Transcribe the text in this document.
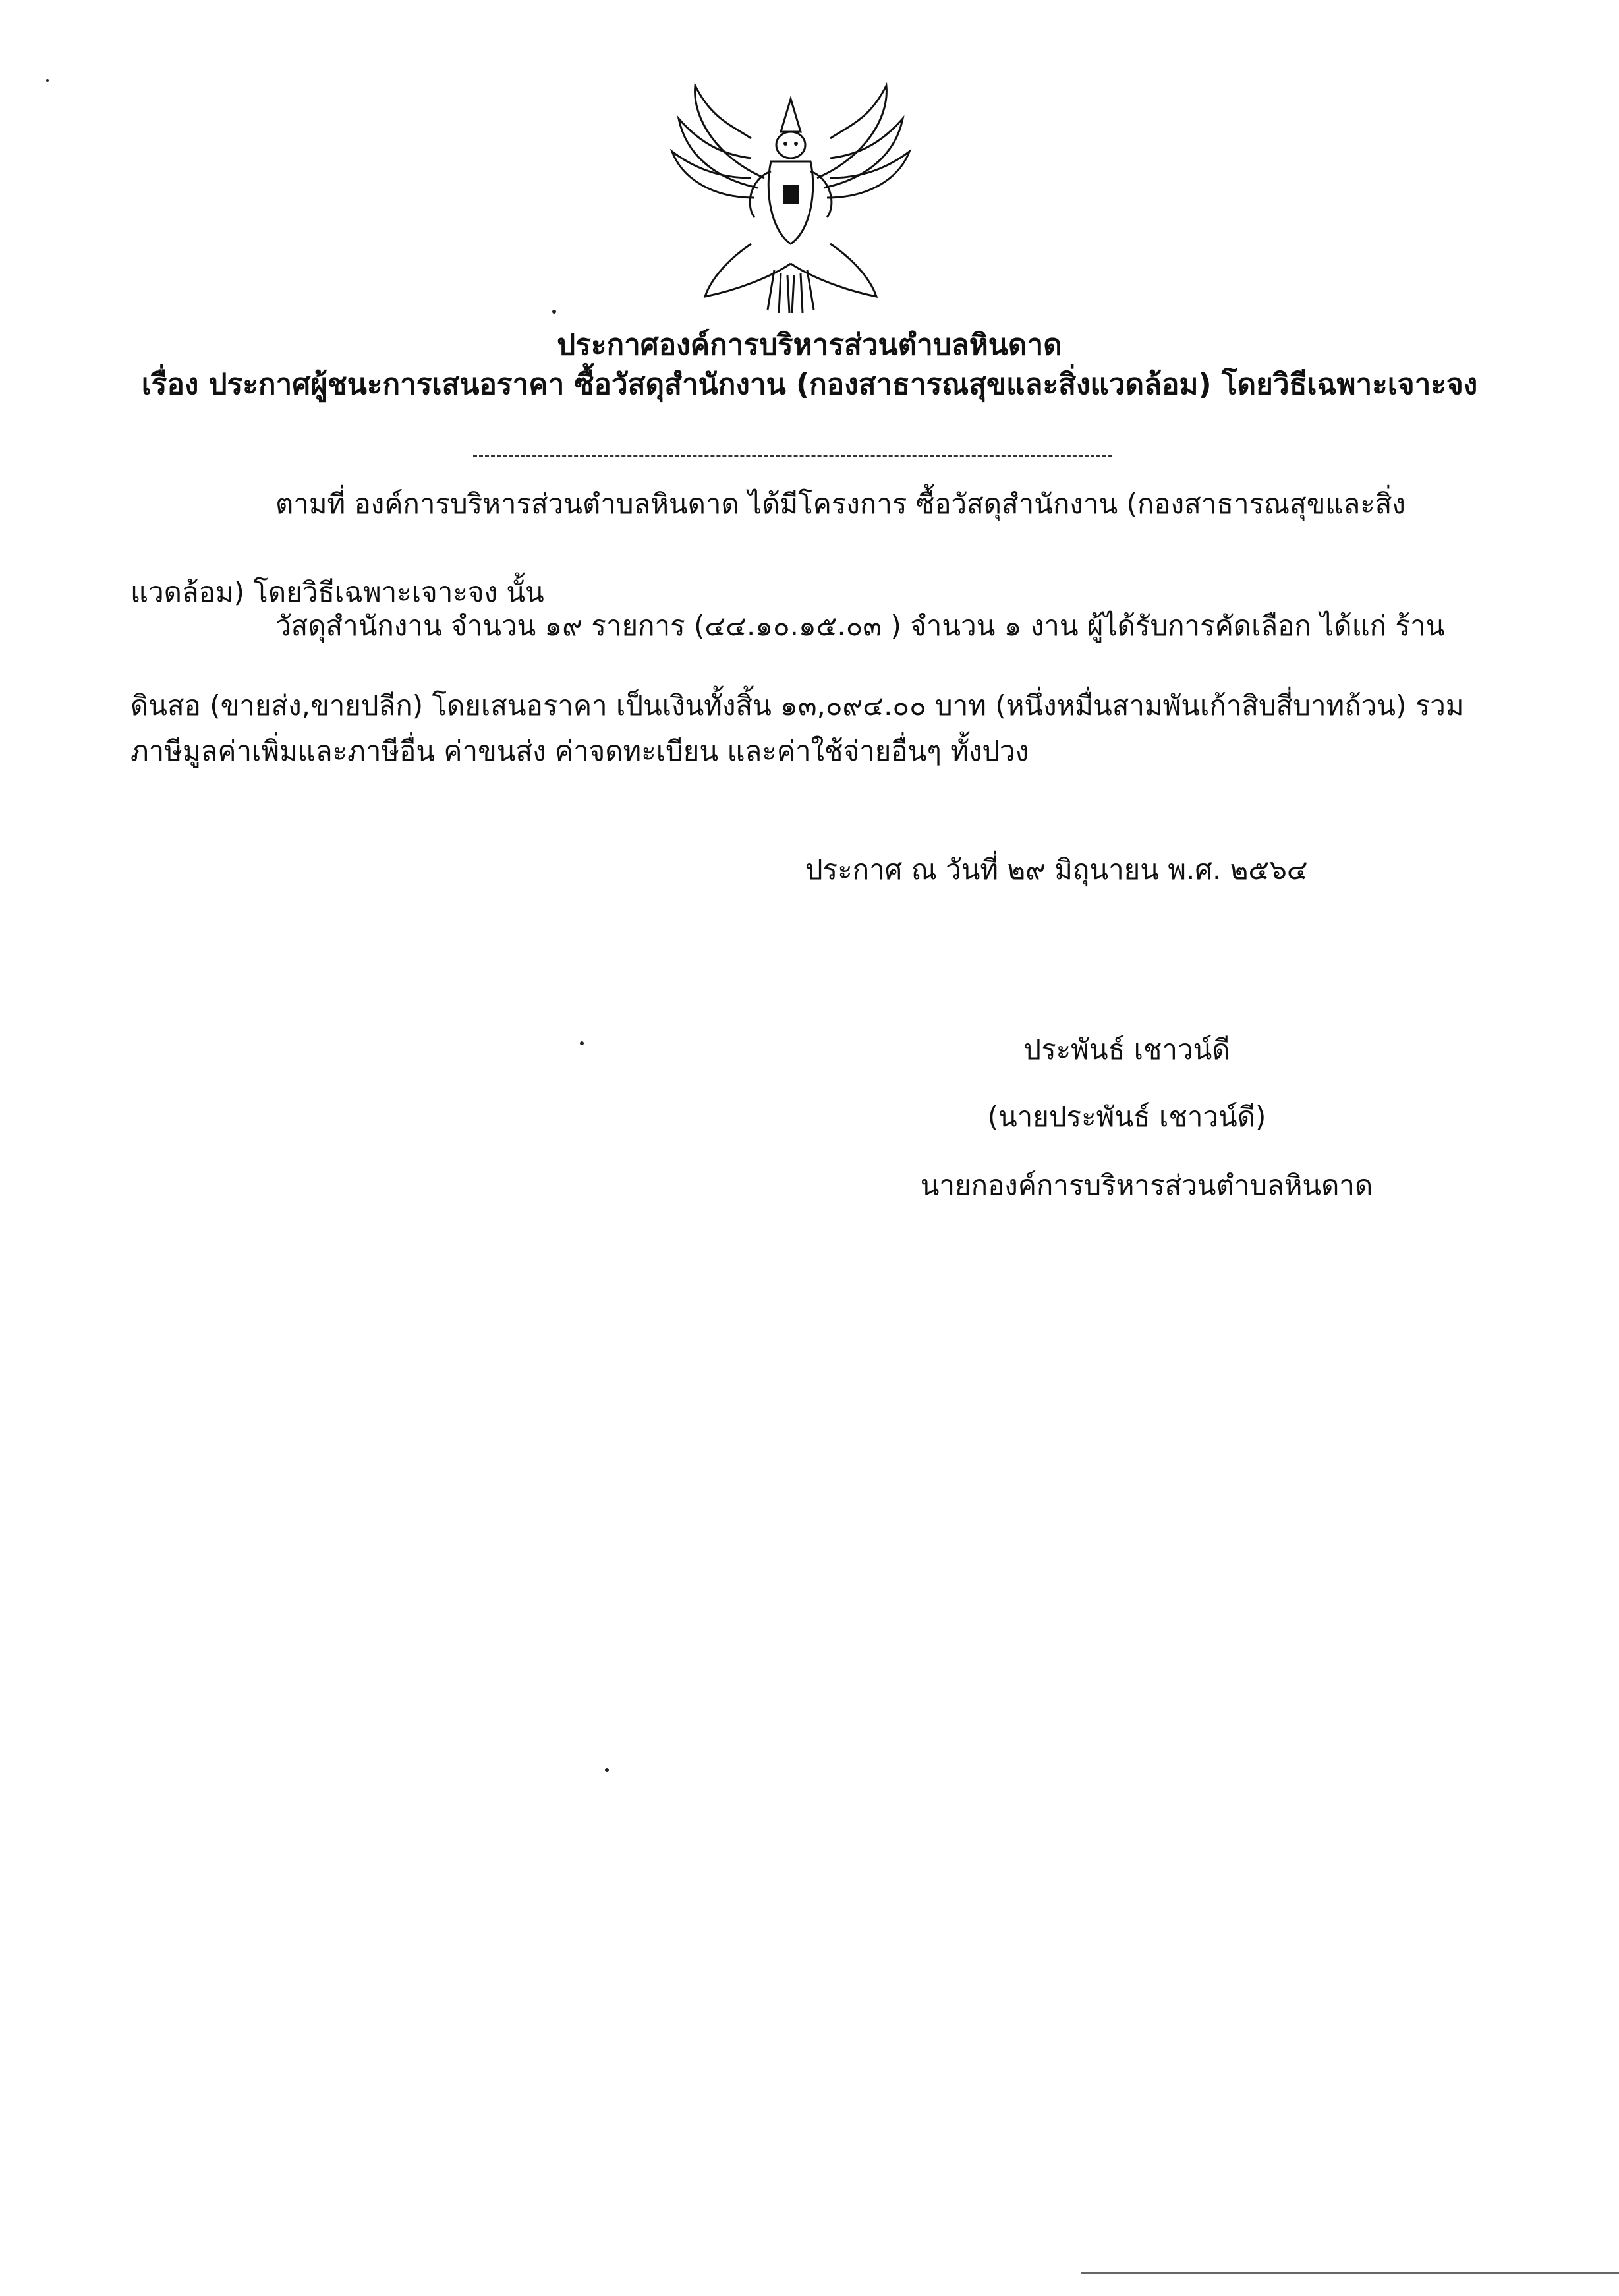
ประกาศองค์การบริหารส่วนตำบลหินดาด
เรื่อง ประกาศผู้ชนะการเสนอราคา ซื้อวัสดุสำนักงาน (กองสาธารณสุขและสิ่งแวดล้อม) โดยวิธีเฉพาะเจาะจง
ตามที่ องค์การบริหารส่วนตำบลหินดาด ได้มีโครงการ ซื้อวัสดุสำนักงาน (กองสาธารณสุขและสิ่ง
แวดล้อม) โดยวิธีเฉพาะเจาะจง นั้น
วัสดุสำนักงาน จำนวน ๑๙ รายการ (๔๔.๑๐.๑๕.๐๓ ) จำนวน ๑ งาน ผู้ได้รับการคัดเลือก ได้แก่ ร้าน
ดินสอ (ขายส่ง,ขายปลีก) โดยเสนอราคา เป็นเงินทั้งสิ้น ๑๓,๐๙๔.๐๐ บาท (หนึ่งหมื่นสามพันเก้าสิบสี่บาทถ้วน) รวม
ภาษีมูลค่าเพิ่มและภาษีอื่น ค่าขนส่ง ค่าจดทะเบียน และค่าใช้จ่ายอื่นๆ ทั้งปวง
ประกาศ ณ วันที่ ๒๙ มิถุนายน พ.ศ. ๒๕๖๔
ประพันธ์ เชาวน์ดี
(นายประพันธ์ เชาวน์ดี)
นายกองค์การบริหารส่วนตำบลหินดาด
